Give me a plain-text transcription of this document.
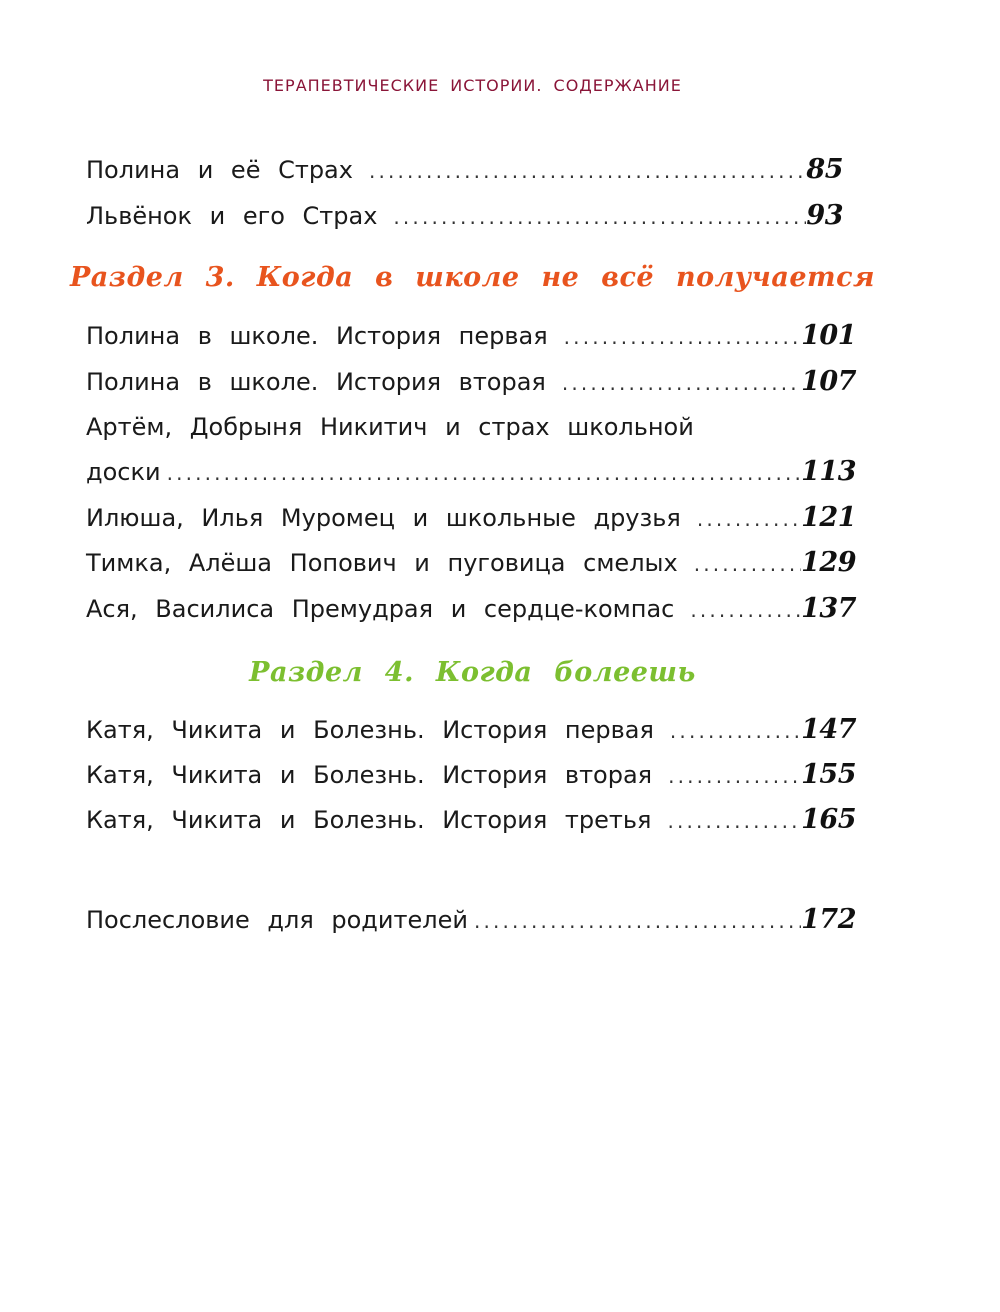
ТЕРАПЕВТИЧЕСКИЕ ИСТОРИИ. СОДЕРЖАНИЕ
Полина и её Страх . . .	85
Львёнок и его Страх . . .	93
Раздел 3. Когда в школе не всё получается
Полина в школе. История первая . . .	101
Полина в школе. История вторая . . .	107
Артём, Добрыня Никитич и страх школьной
доски . . .	113
Илюша, Илья Муромец и школьные друзья . . .	121
Тимка, Алёша Попович и пуговица смелых . . .	129
Ася, Василиса Премудрая и сердце-компас . . .	137
Раздел 4. Когда болеешь
Катя, Чикита и Болезнь. История первая . . .	147
Катя, Чикита и Болезнь. История вторая . . .	155
Катя, Чикита и Болезнь. История третья . . .	165
Послесловие для родителей . . .	172
